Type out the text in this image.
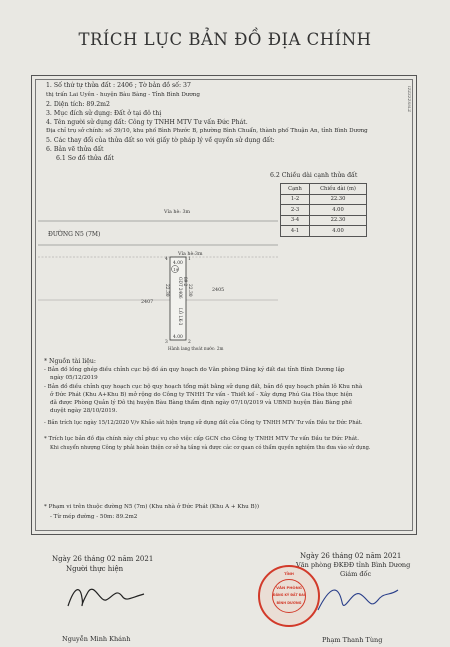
TRÍCH LỤC BẢN ĐỒ ĐỊA CHÍNH
IZZZZZS8LZ
1. Số thứ tự thửa đất : 2406 ; Tờ bản đồ số: 37
thị trấn Lai Uyên - huyện Bàu Bàng - Tỉnh Bình Dương
2. Diện tích: 89.2m2
3. Mục đích sử dụng: Đất ở tại đô thị
4. Tên người sử dụng đất: Công ty TNHH MTV Tư vấn Đức Phát.
Địa chỉ trụ sở chính: số 39/10, khu phố Bình Phước B, phường Bình Chuẩn, thành phố Thuận An, tỉnh Bình Dương
5. Các thay đổi của thửa đất so với giấy tờ pháp lý về quyền sử dụng đất:
6. Bản vẽ thửa đất
6.1 Sơ đồ thửa đất
6.2 Chiều dài cạnh thửa đất
Cạnh	Chiều dài (m)
1-2	22.30
2-3	4.00
3-4	22.30
4-1	4.00
Vỉa hè: 3m
ĐƯỜNG N5 (7M)
Vỉa hè:3m
19
ODT 2406 89.2
LÔ LK-3
22.30	22.30
4.00
4.00
4	1
3	2
2407
2405
Hành lang thoát nước: 2m
* Nguồn tài liệu:
- Bản đồ lồng ghép điều chỉnh cục bộ đồ án quy hoạch do Văn phòng Đăng ký đất đai tỉnh Bình Dương lập
ngày 05/12/2019
- Bản đồ điều chỉnh quy hoạch cục bộ quy hoạch tổng mặt bằng sử dụng đất, bản đồ quy hoạch phân lô Khu nhà
ở Đức Phát (Khu A+Khu B) mở rộng do Công ty TNHH Tư vấn - Thiết kế - Xây dựng Phú Gia Hòa thực hiện
đã được Phòng Quản lý Đô thị huyện Bàu Bàng thẩm định ngày 07/10/2019 và UBND huyện Bàu Bàng phê
duyệt ngày 28/10/2019.
- Bản trích lục ngày 15/12/2020 V/v Khảo sát hiện trạng sử dụng đất của Công ty TNHH MTV Tư vấn Đầu tư Đức Phát.
* Trích lục bản đồ địa chính này chỉ phục vụ cho việc cấp GCN cho Công ty TNHH MTV Tư vấn Đầu tư Đức Phát.
Khi chuyển nhượng Công ty phải hoàn thiện cơ sở hạ tầng và được các cơ quan có thẩm quyền nghiệm thu đưa vào sử dụng.
* Phạm vi trên thuộc đường N5 (7m) (Khu nhà ở Đức Phát (Khu A + Khu B))
- Từ mép đường - 50m: 89.2m2
Ngày 26 tháng 02 năm 2021
Người thực hiện
Nguyễn Minh Khánh
Ngày 26 tháng 02 năm 2021
Văn phòng ĐKĐĐ tỉnh Bình Dương
Giám đốc
TỈNH
VĂN PHÒNG
ĐĂNG KÝ ĐẤT ĐAI
BÌNH DƯƠNG
Phạm Thanh Tùng
